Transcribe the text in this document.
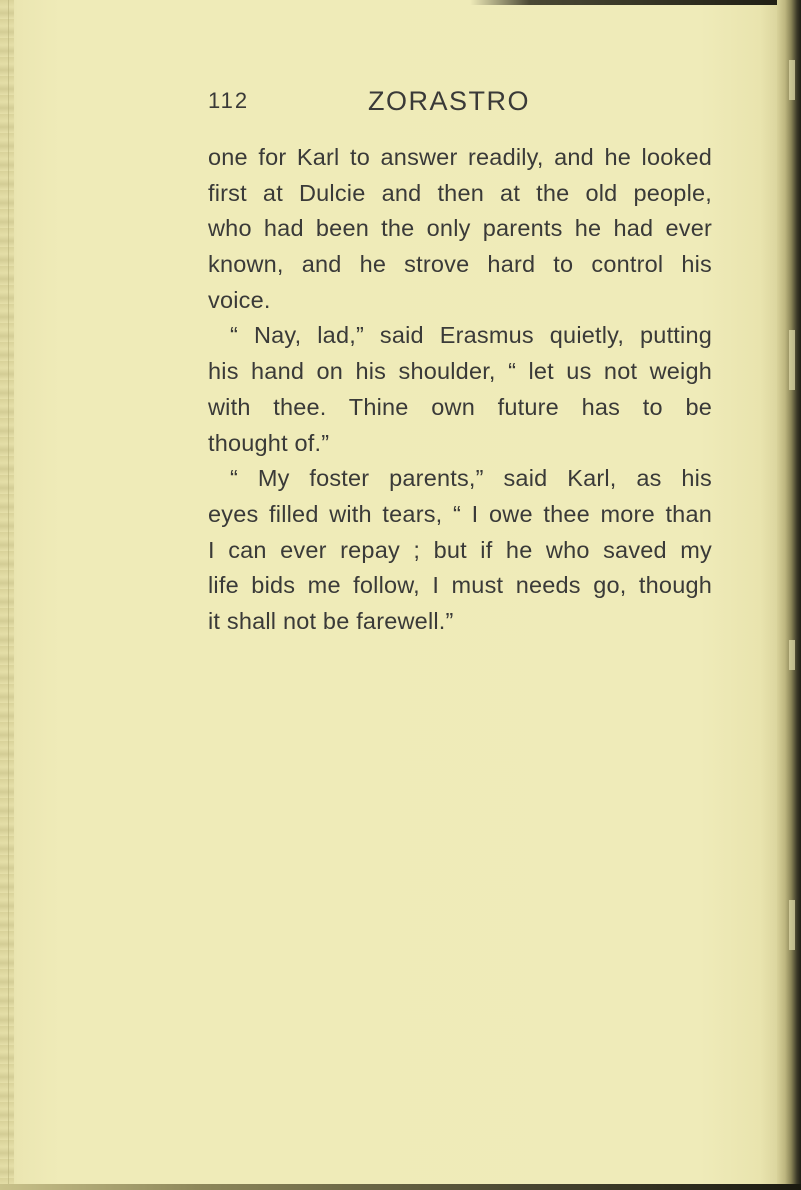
112	ZORASTRO
one for Karl to answer readily, and he looked
first at Dulcie and then at the old people,
who had been the only parents he had ever
known, and he strove hard to control his
voice.
“ Nay, lad,” said Erasmus quietly, putting
his hand on his shoulder, “ let us not weigh
with thee. Thine own future has to be
thought of.”
“ My foster parents,” said Karl, as his
eyes filled with tears, “ I owe thee more than
I can ever repay ; but if he who saved my
life bids me follow, I must needs go, though
it shall not be farewell.”
